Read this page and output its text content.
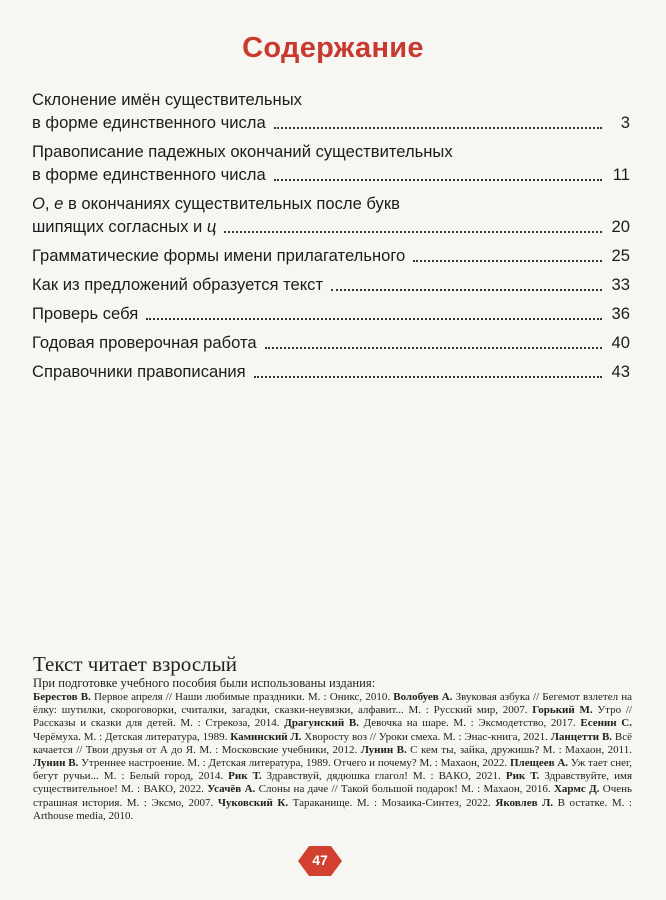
Содержание
Склонение имён существительных
в форме единственного числа	3
Правописание падежных окончаний существительных
в форме единственного числа	11
О, е в окончаниях существительных после букв
шипящих согласных и ц	20
Грамматические формы имени прилагательного	25
Как из предложений образуется текст	33
Проверь себя	36
Годовая проверочная работа	40
Справочники правописания	43
Текст читает взрослый
При подготовке учебного пособия были использованы издания:

Берестов В. Первое апреля // Наши любимые праздники. М. : Оникс, 2010. Волобуев А. Звуковая азбука // Бегемот взлетел на ёлку: шутилки, скороговорки, считалки, загадки, сказки-неувязки, алфавит... М. : Русский мир, 2007. Горький М. Утро // Рассказы и сказки для детей. М. : Стрекоза, 2014. Драгунский В. Девочка на шаре. М. : Эксмодетство, 2017. Есенин С. Черёмуха. М. : Детская литература, 1989. Каминский Л. Хворосту воз // Уроки смеха. М. : Энас-книга, 2021. Ланцетти В. Всё качается // Твои друзья от А до Я. М. : Московские учебники, 2012. Лунин В. С кем ты, зайка, дружишь? М. : Махаон, 2011. Лунин В. Утреннее настроение. М. : Детская литература, 1989. Отчего и почему? М. : Махаон, 2022. Плещеев А. Уж тает снег, бегут ручьи... М. : Белый город, 2014. Рик Т. Здравствуй, дядюшка глагол! М. : ВАКО, 2021. Рик Т. Здравствуйте, имя существительное! М. : ВАКО, 2022. Усачёв А. Слоны на даче // Такой большой подарок! М. : Махаон, 2016. Хармс Д. Очень страшная история. М. : Эксмо, 2007. Чуковский К. Тараканище. М. : Мозаика-Синтез, 2022. Яковлев Л. В остатке. М. : Arthouse media, 2010.

47
